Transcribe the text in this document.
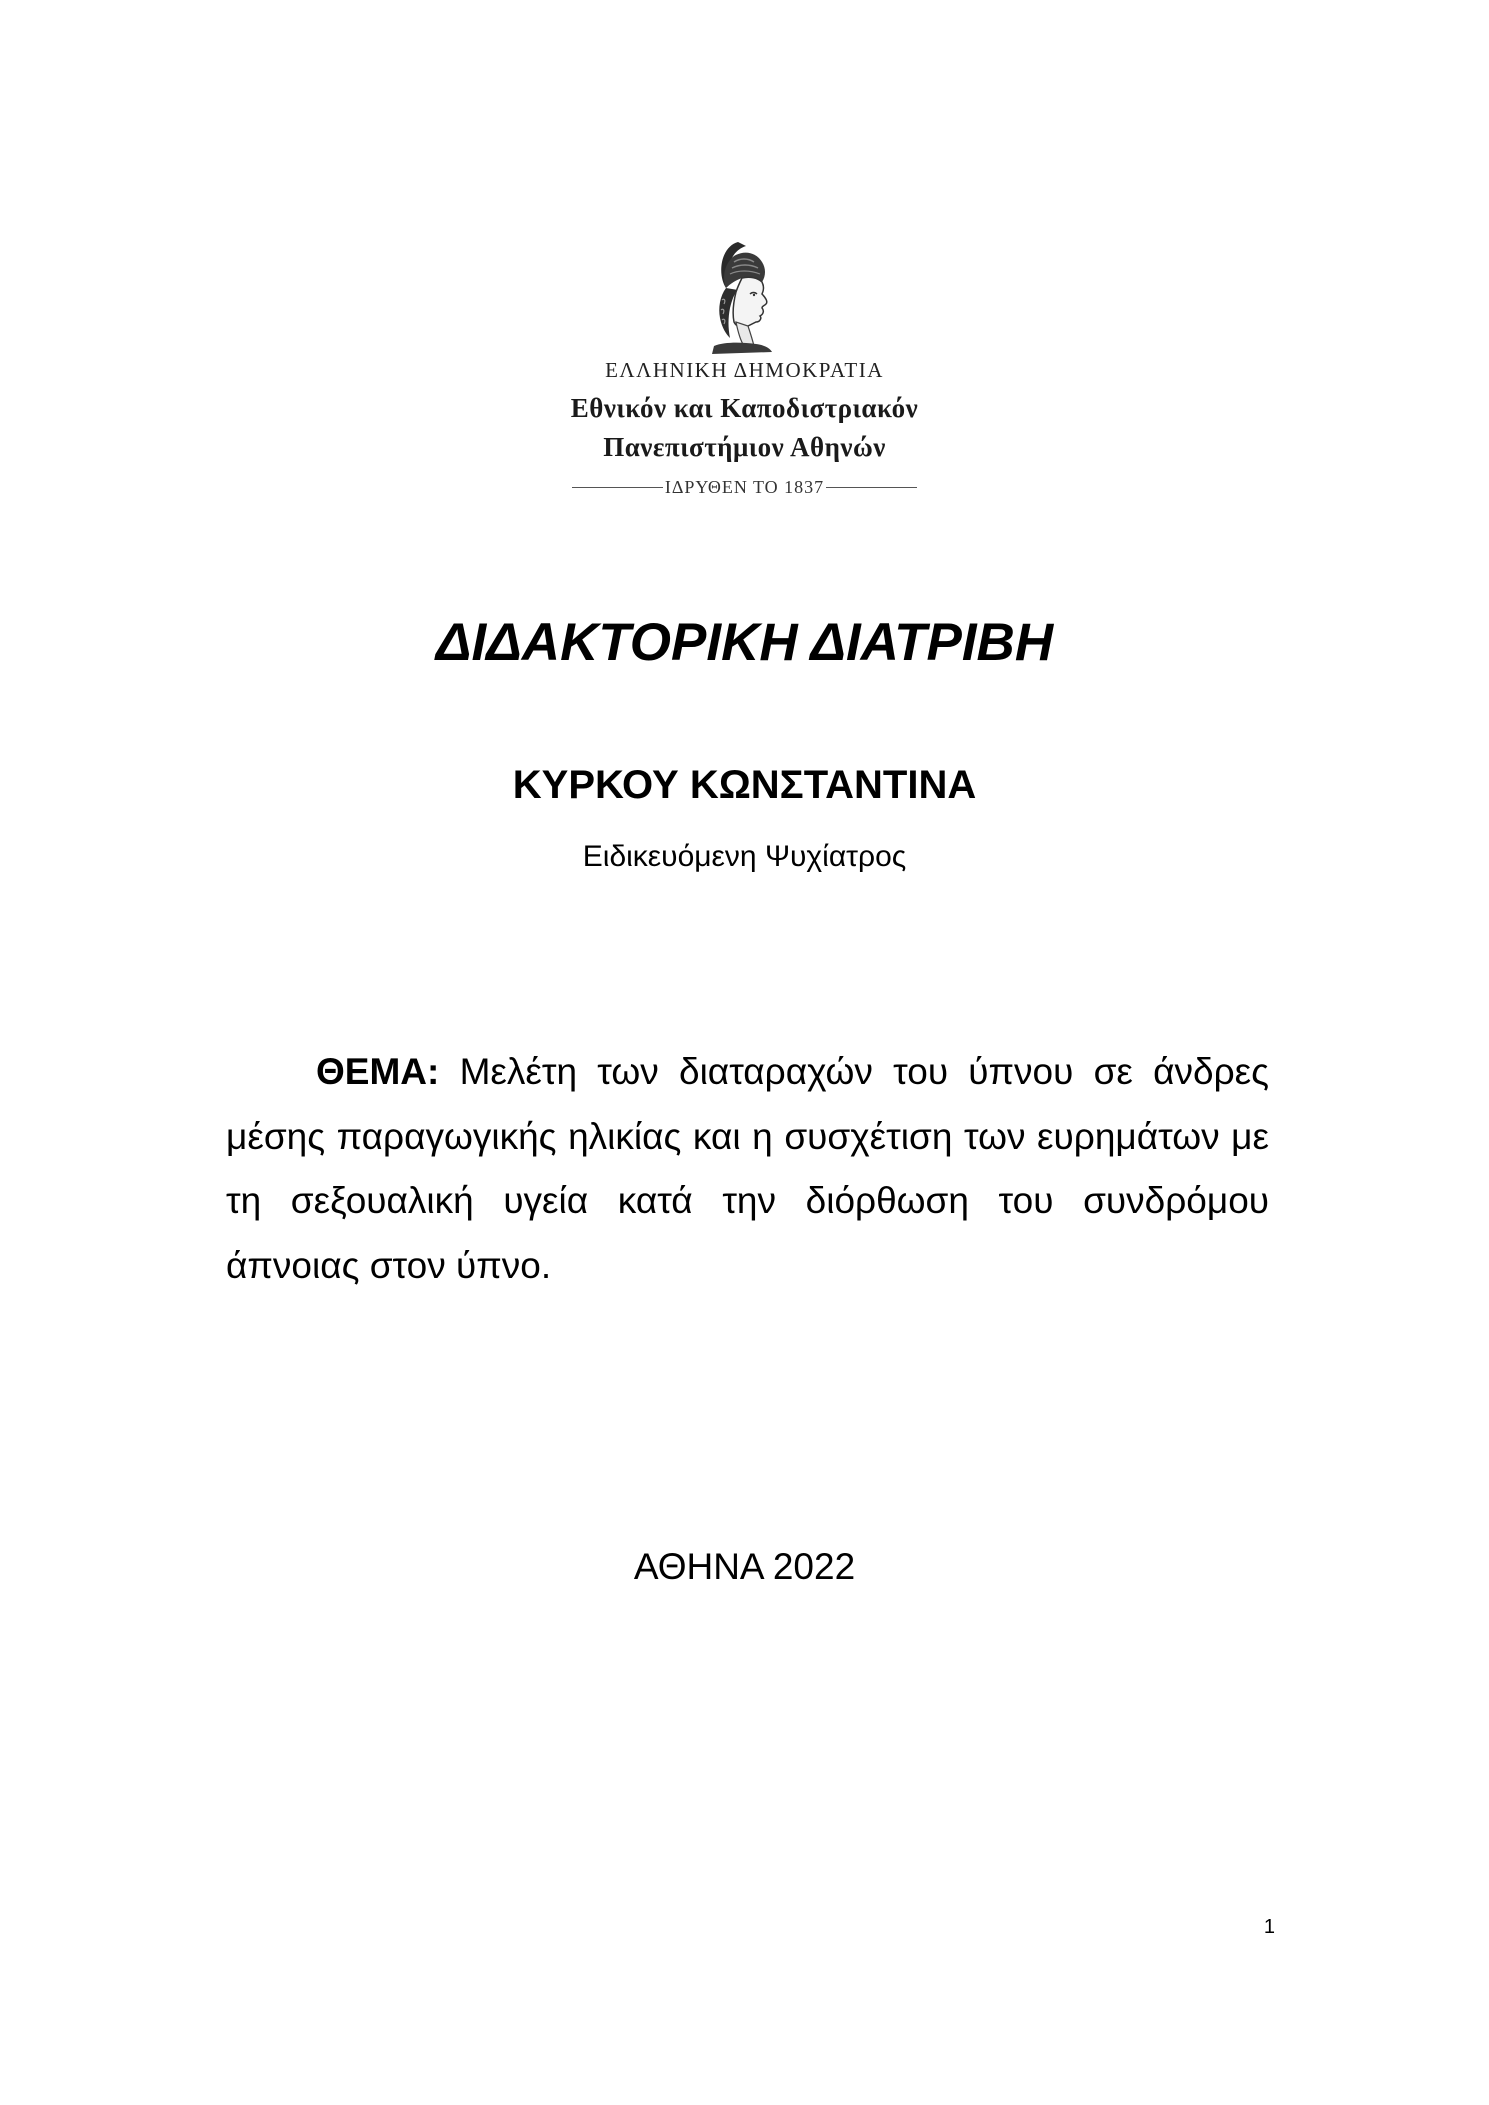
ΕΛΛΗΝΙΚΗ ΔΗΜΟΚΡΑΤΙΑ
Εθνικόν και Καποδιστριακόν
Πανεπιστήμιον Αθηνών
ΙΔΡΥΘΕΝ ΤΟ 1837
ΔΙΔΑΚΤΟΡΙΚΗ ΔΙΑΤΡΙΒΗ
ΚΥΡΚΟΥ ΚΩΝΣΤΑΝΤΙΝΑ
Ειδικευόμενη Ψυχίατρος

ΘΕΜΑ: Μελέτη των διαταραχών του ύπνου σε άνδρες μέσης παραγωγικής ηλικίας και η συσχέτιση των ευρημάτων με τη σεξουαλική υγεία κατά την διόρθωση του συνδρόμου άπνοιας στον ύπνο.

ΑΘΗΝΑ 2022
1
